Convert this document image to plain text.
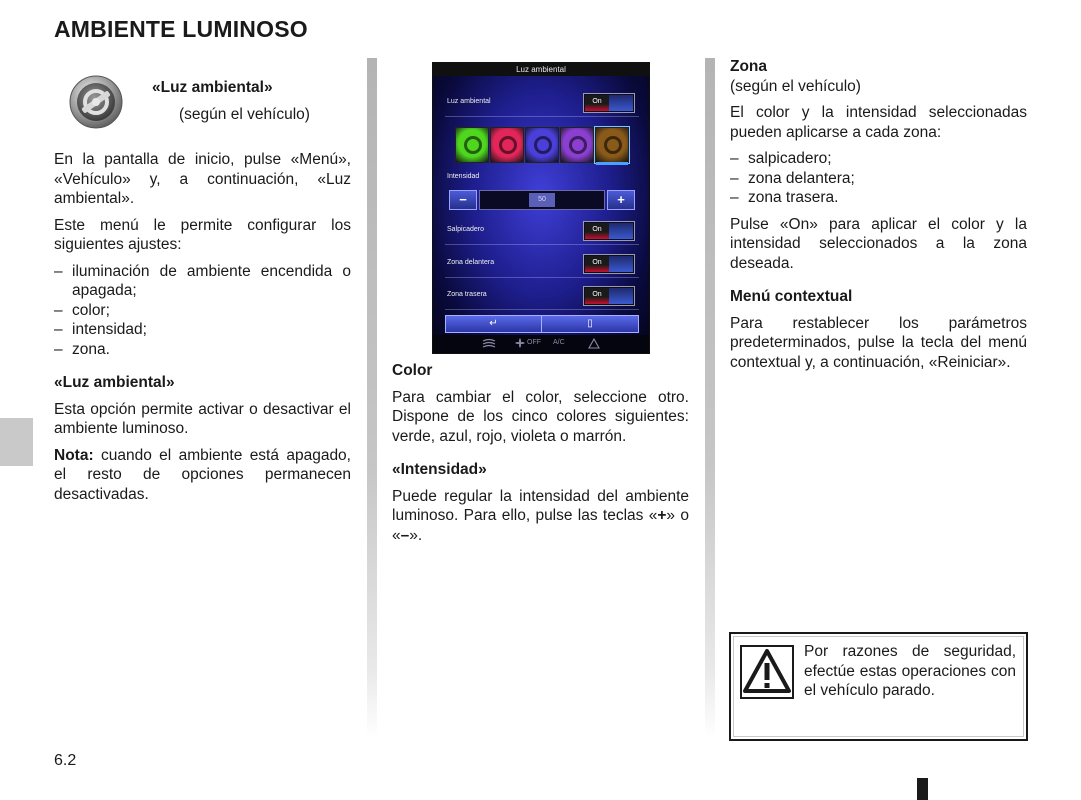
AMBIENTE LUMINOSO
«Luz ambiental»
(según el vehículo)

En la pantalla de inicio, pulse «Menú», «Vehículo» y, a continuación, «Luz ambiental».

Este menú le permite configurar los siguientes ajustes:

– iluminación de ambiente encendida o apagada;
– color;
– intensidad;
– zona.
«Luz ambiental»

Esta opción permite activar o desactivar el ambiente luminoso.

Nota: cuando el ambiente está apagado, el resto de opciones permanecen desactivadas.

Luz ambiental
Luz ambiental	On
Intensidad
−	50	+
Salpicadero	On
Zona delantera	On
Zona trasera	On
↵	▯
OFF A/C
Color

Para cambiar el color, seleccione otro. Dispone de los cinco colores siguientes: verde, azul, rojo, violeta o marrón.

«Intensidad»

Puede regular la intensidad del ambiente luminoso. Para ello, pulse las teclas «+» o «–».

Zona
(según el vehículo)

El color y la intensidad seleccionadas pueden aplicarse a cada zona:

– salpicadero;
– zona delantera;
– zona trasera.

Pulse «On» para aplicar el color y la intensidad seleccionados a la zona deseada.

Menú contextual

Para restablecer los parámetros predeterminados, pulse la tecla del menú contextual y, a continuación, «Reiniciar».

Por razones de seguridad, efectúe estas operaciones con el vehículo parado.
6.2
